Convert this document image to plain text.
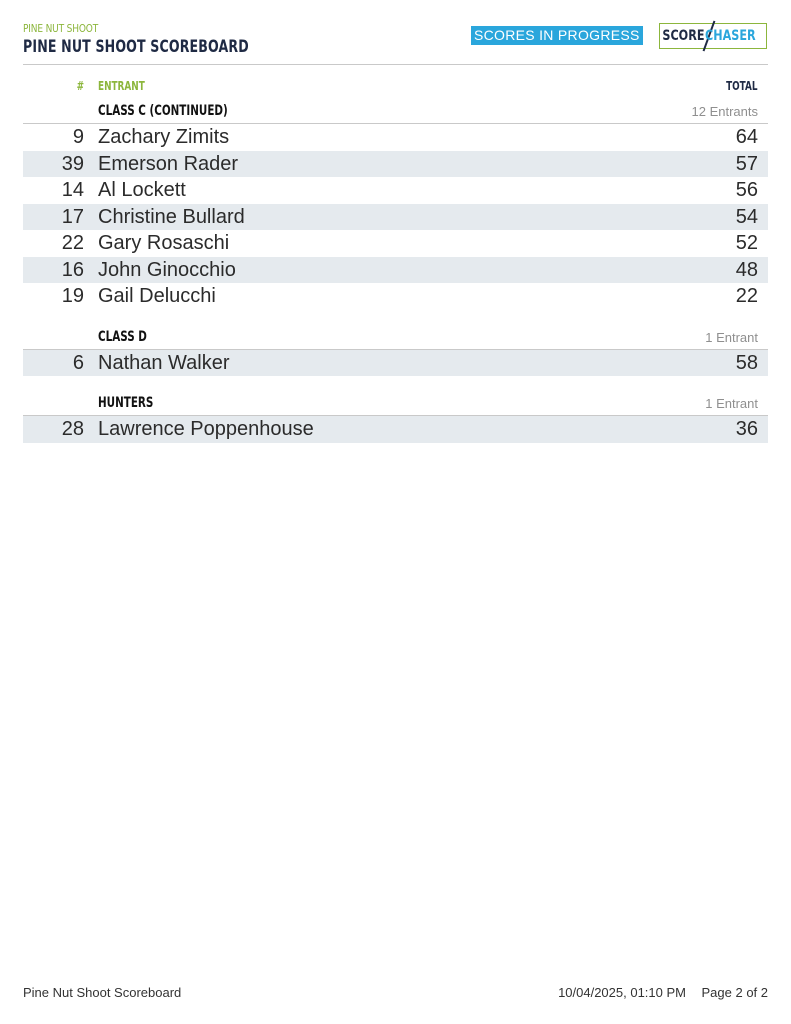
PINE NUT SHOOT
PINE NUT SHOOT SCOREBOARD
SCORES IN PROGRESS SCORE CHASER
# ENTRANT	TOTAL
CLASS C (CONTINUED)	12 Entrants
9 Zachary Zimits	64
39 Emerson Rader	57
14 Al Lockett	56
17 Christine Bullard	54
22 Gary Rosaschi	52
16 John Ginocchio	48
19 Gail Delucchi	22
CLASS D	1 Entrant
6 Nathan Walker	58
HUNTERS	1 Entrant
28 Lawrence Poppenhouse	36
Pine Nut Shoot Scoreboard	10/04/2025, 01:10 PM Page 2 of 2
